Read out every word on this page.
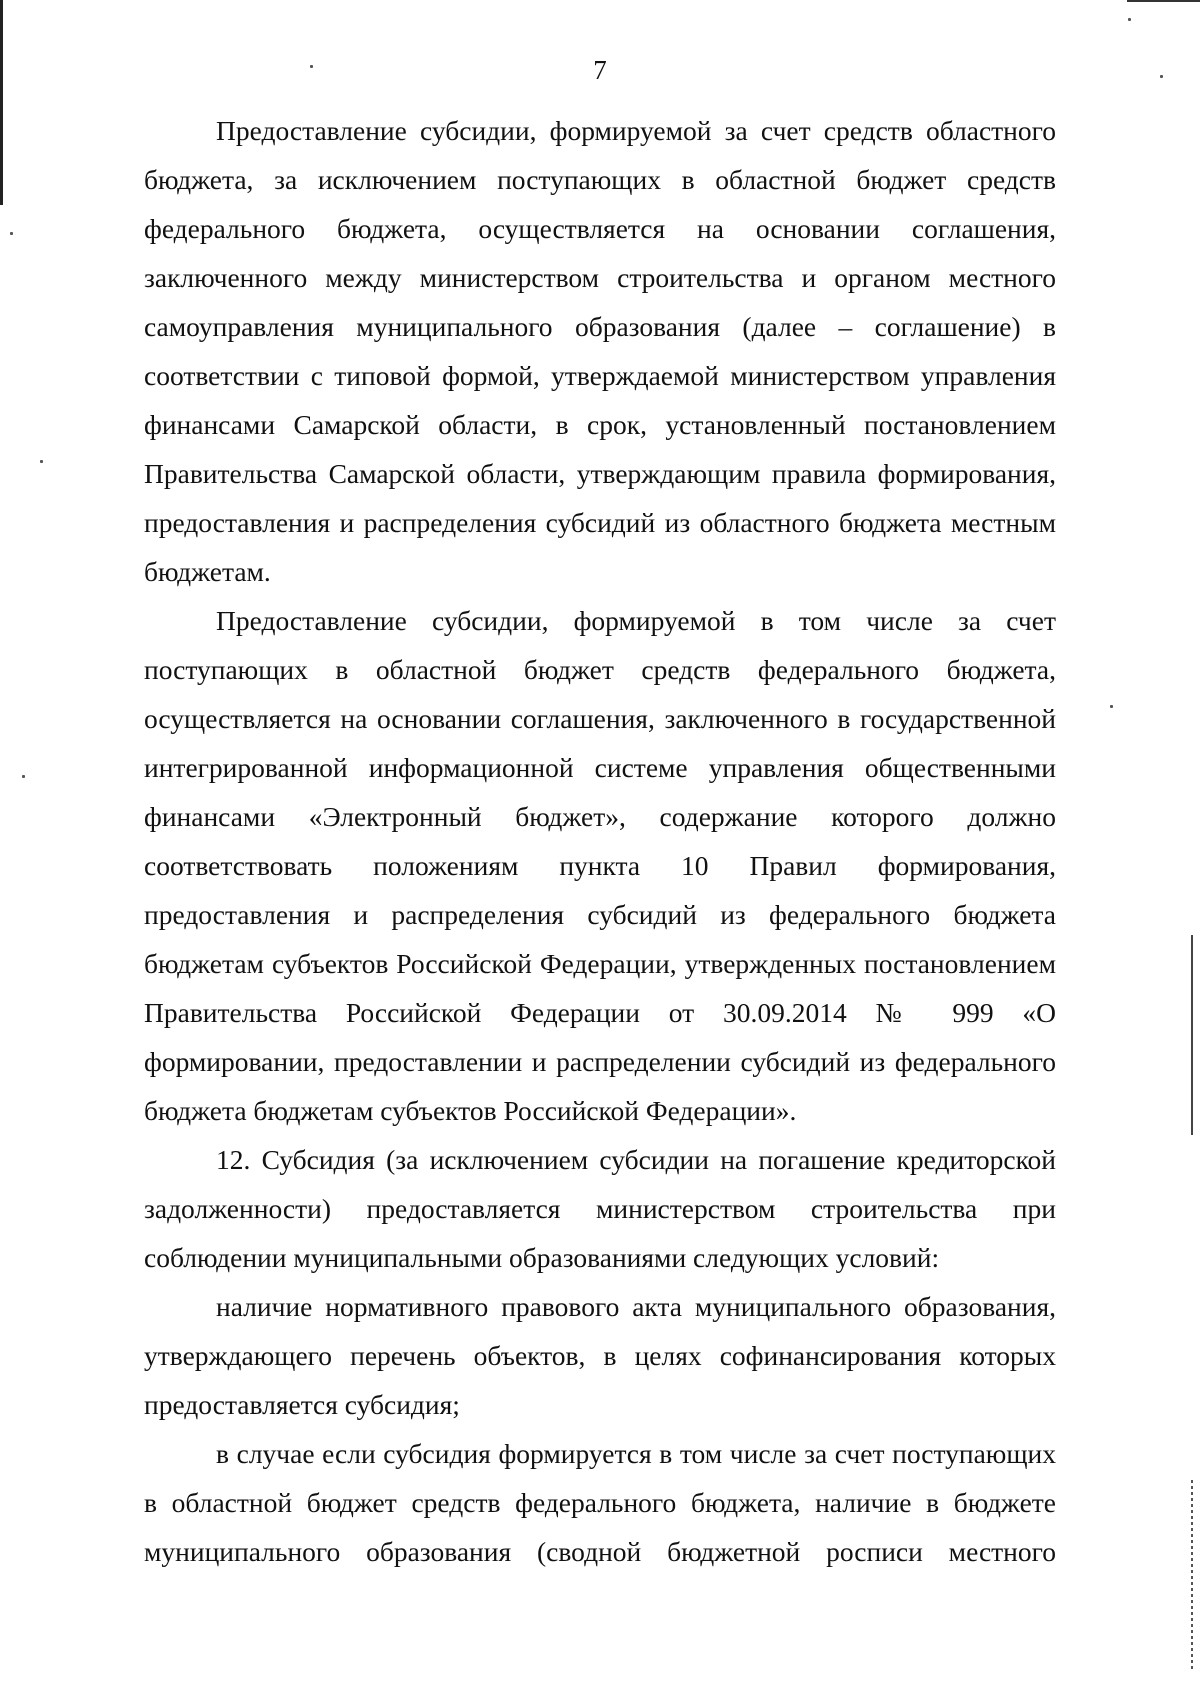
7

Предоставление субсидии, формируемой за счет средств областного бюджета, за исключением поступающих в областной бюджет средств федерального бюджета, осуществляется на основании соглашения, заключенного между министерством строительства и органом местного самоуправления муниципального образования (далее – соглашение) в соответствии с типовой формой, утверждаемой министерством управления финансами Самарской области, в срок, установленный постановлением Правительства Самарской области, утверждающим правила формирования, предоставления и распределения субсидий из областного бюджета местным бюджетам.

Предоставление субсидии, формируемой в том числе за счет поступающих в областной бюджет средств федерального бюджета, осуществляется на основании соглашения, заключенного в государственной интегрированной информационной системе управления общественными финансами «Электронный бюджет», содержание которого должно соответствовать положениям пункта 10 Правил формирования, предоставления и распределения субсидий из федерального бюджета бюджетам субъектов Российской Федерации, утвержденных постановлением Правительства Российской Федерации от 30.09.2014 № 999 «О формировании, предоставлении и распределении субсидий из федерального бюджета бюджетам субъектов Российской Федерации».

12. Субсидия (за исключением субсидии на погашение кредиторской задолженности) предоставляется министерством строительства при соблюдении муниципальными образованиями следующих условий:

наличие нормативного правового акта муниципального образования, утверждающего перечень объектов, в целях софинансирования которых предоставляется субсидия;

в случае если субсидия формируется в том числе за счет поступающих в областной бюджет средств федерального бюджета, наличие в бюджете муниципального образования (сводной бюджетной росписи местного
